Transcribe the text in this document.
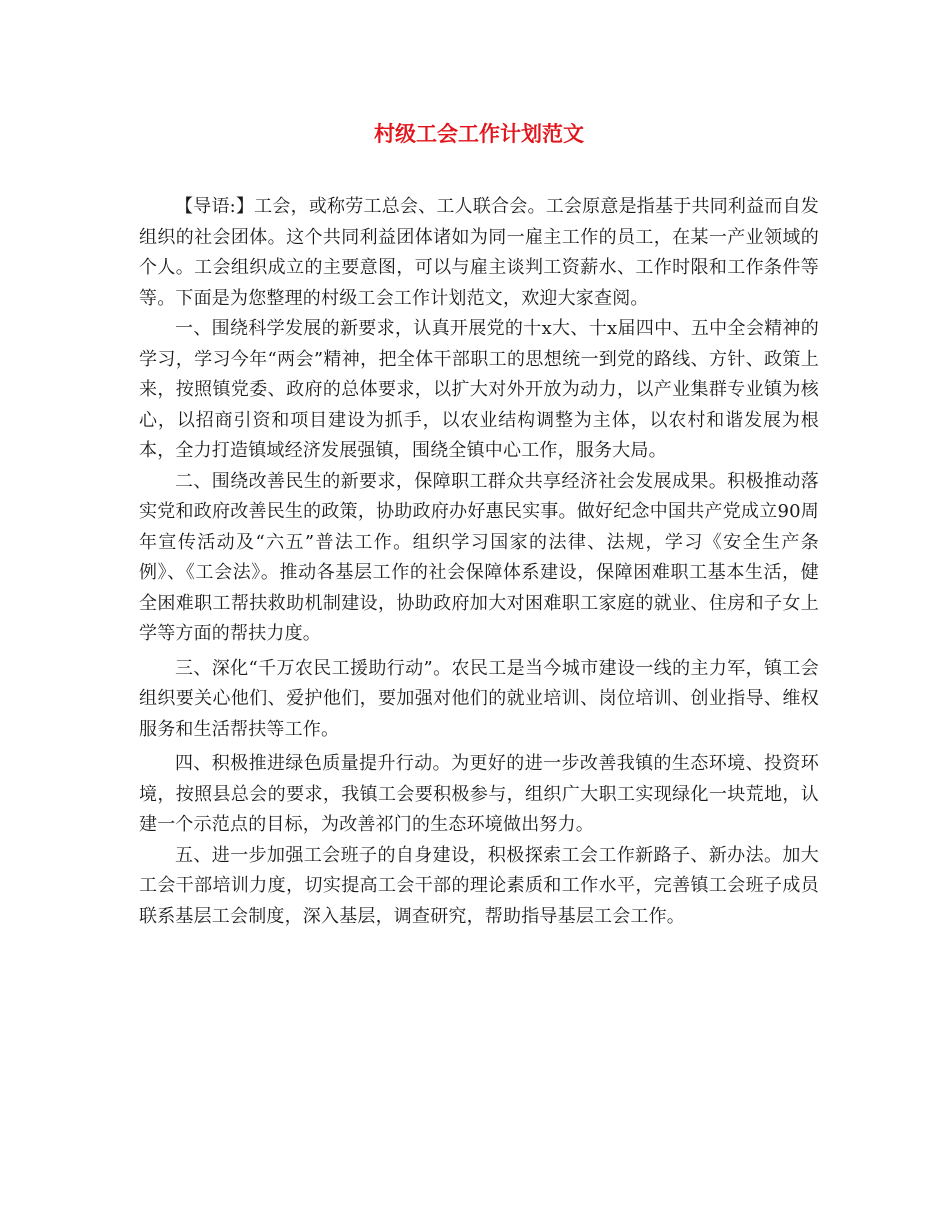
村级工会工作计划范文

【导语:】工会，或称劳工总会、工人联合会。工会原意是指基于共同利益而自发组织的社会团体。这个共同利益团体诸如为同一雇主工作的员工，在某一产业领域的个人。工会组织成立的主要意图，可以与雇主谈判工资薪水、工作时限和工作条件等等。下面是为您整理的村级工会工作计划范文，欢迎大家查阅。

一、围绕科学发展的新要求，认真开展党的十x大、十x届四中、五中全会精神的学习，学习今年“两会”精神，把全体干部职工的思想统一到党的路线、方针、政策上来，按照镇党委、政府的总体要求，以扩大对外开放为动力，以产业集群专业镇为核心，以招商引资和项目建设为抓手，以农业结构调整为主体，以农村和谐发展为根本，全力打造镇域经济发展强镇，围绕全镇中心工作，服务大局。

二、围绕改善民生的新要求，保障职工群众共享经济社会发展成果。积极推动落实党和政府改善民生的政策，协助政府办好惠民实事。做好纪念中国共产党成立90周年宣传活动及“六五”普法工作。组织学习国家的法律、法规，学习《安全生产条例》、《工会法》。推动各基层工作的社会保障体系建设，保障困难职工基本生活，健全困难职工帮扶救助机制建设，协助政府加大对困难职工家庭的就业、住房和子女上学等方面的帮扶力度。

三、深化“千万农民工援助行动”。农民工是当今城市建设一线的主力军，镇工会组织要关心他们、爱护他们，要加强对他们的就业培训、岗位培训、创业指导、维权服务和生活帮扶等工作。

四、积极推进绿色质量提升行动。为更好的进一步改善我镇的生态环境、投资环境，按照县总会的要求，我镇工会要积极参与，组织广大职工实现绿化一块荒地，认建一个示范点的目标，为改善祁门的生态环境做出努力。

五、进一步加强工会班子的自身建设，积极探索工会工作新路子、新办法。加大工会干部培训力度，切实提高工会干部的理论素质和工作水平，完善镇工会班子成员联系基层工会制度，深入基层，调查研究，帮助指导基层工会工作。
